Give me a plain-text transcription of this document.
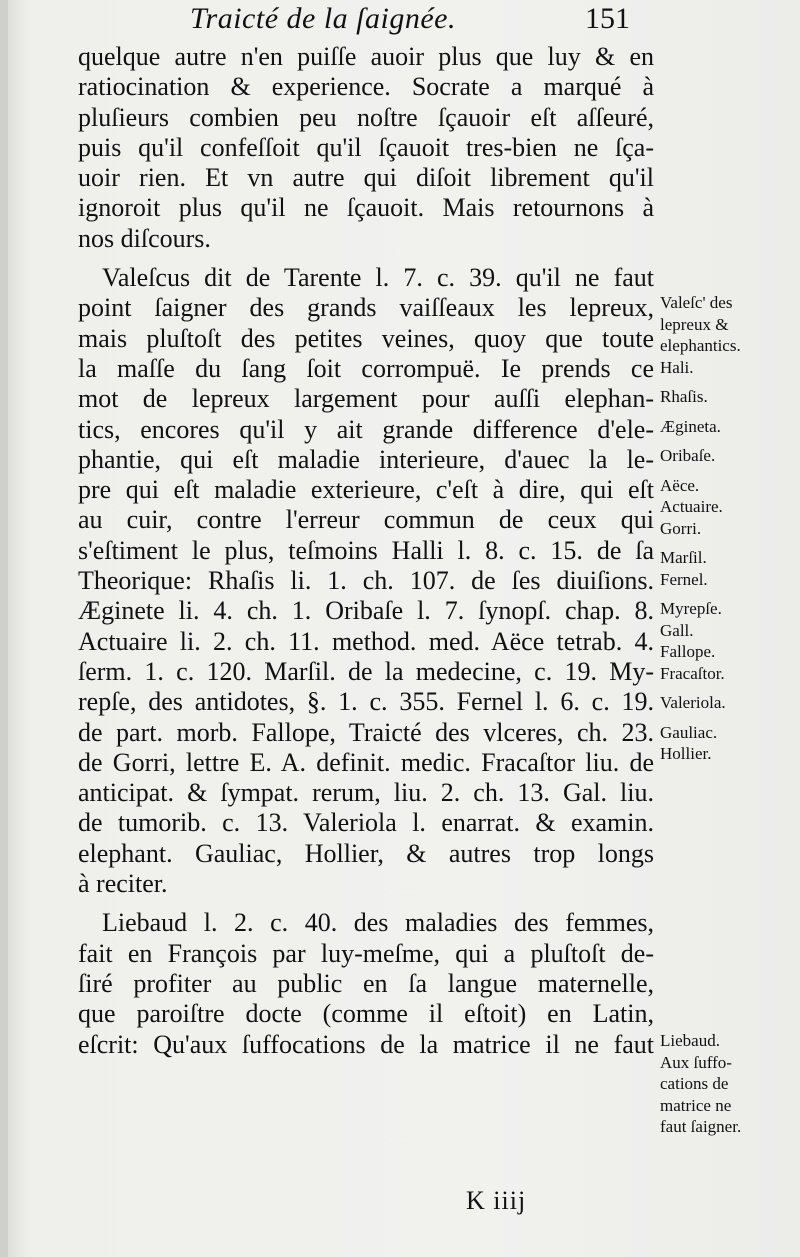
Traicté de la ſaignée.	151
quelque autre n'en puiſſe auoir plus que luy & en
ratiocination & experience. Socrate a marqué à
pluſieurs combien peu noſtre ſçauoir eſt aſſeuré,
puis qu'il confeſſoit qu'il ſçauoit tres-bien ne ſça-
uoir rien. Et vn autre qui diſoit librement qu'il
ignoroit plus qu'il ne ſçauoit. Mais retournons à
nos diſcours.
Valeſcus dit de Tarente l. 7. c. 39. qu'il ne faut
point ſaigner des grands vaiſſeaux les lepreux,
mais pluſtoſt des petites veines, quoy que toute
la maſſe du ſang ſoit corrompuë. Ie prends ce
mot de lepreux largement pour auſſi elephan-
tics, encores qu'il y ait grande difference d'ele-
phantie, qui eſt maladie interieure, d'auec la le-
pre qui eſt maladie exterieure, c'eſt à dire, qui eſt
au cuir, contre l'erreur commun de ceux qui
s'eſtiment le plus, teſmoins Halli l. 8. c. 15. de ſa
Theorique: Rhaſis li. 1. ch. 107. de ſes diuiſions.
Æginete li. 4. ch. 1. Oribaſe l. 7. ſynopſ. chap. 8.
Actuaire li. 2. ch. 11. method. med. Aëce tetrab. 4.
ſerm. 1. c. 120. Marſil. de la medecine, c. 19. My-
repſe, des antidotes, §. 1. c. 355. Fernel l. 6. c. 19.
de part. morb. Fallope, Traicté des vlceres, ch. 23.
de Gorri, lettre E. A. definit. medic. Fracaſtor liu. de
anticipat. & ſympat. rerum, liu. 2. ch. 13. Gal. liu.
de tumorib. c. 13. Valeriola l. enarrat. & examin.
elephant. Gauliac, Hollier, & autres trop longs
à reciter.
Liebaud l. 2. c. 40. des maladies des femmes,
fait en François par luy-meſme, qui a pluſtoſt de-
ſiré profiter au public en ſa langue maternelle,
que paroiſtre docte (comme il eſtoit) en Latin,
eſcrit: Qu'aux ſuffocations de la matrice il ne faut
Valeſc' des
lepreux &
elephantics.
Hali.
Rhaſis.
Ægineta.
Oribaſe.
Aëce.
Actuaire.
Gorri.
Marſil.
Fernel.
Myrepſe.
Gall.
Fallope.
Fracaſtor.
Valeriola.
Gauliac.
Hollier.
Liebaud.
Aux ſuffo-
cations de
matrice ne
faut ſaigner.
K iiij
